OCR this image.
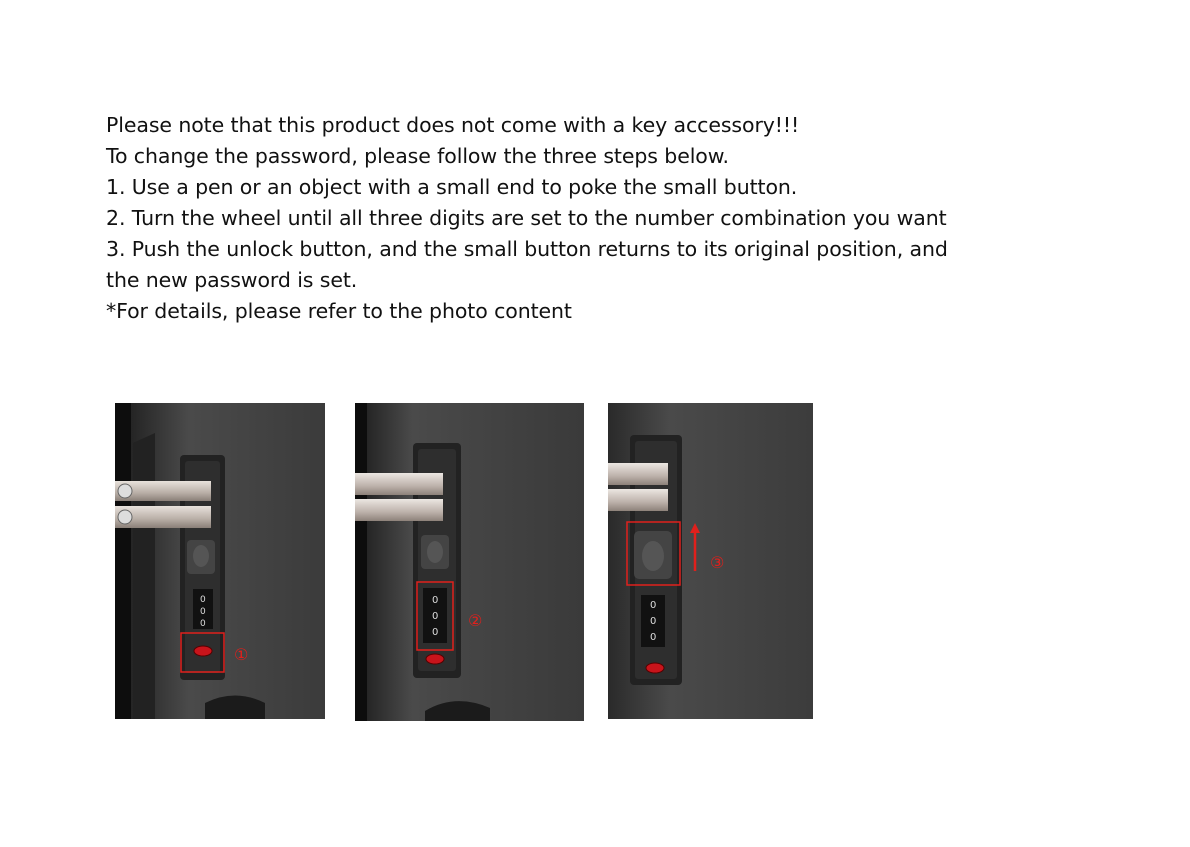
Please note that this product does not come with a key accessory!!!

To change the password, please follow the three steps below.

1. Use a pen or an object with a small end to poke the small button.

2. Turn the wheel until all three digits are set to the number combination you want

3. Push the unlock button, and the small button returns to its original position, and

the new password is set.

*For details, please refer to the photo content

0
0
0
①
0
0
0
②
③
0
0
0
